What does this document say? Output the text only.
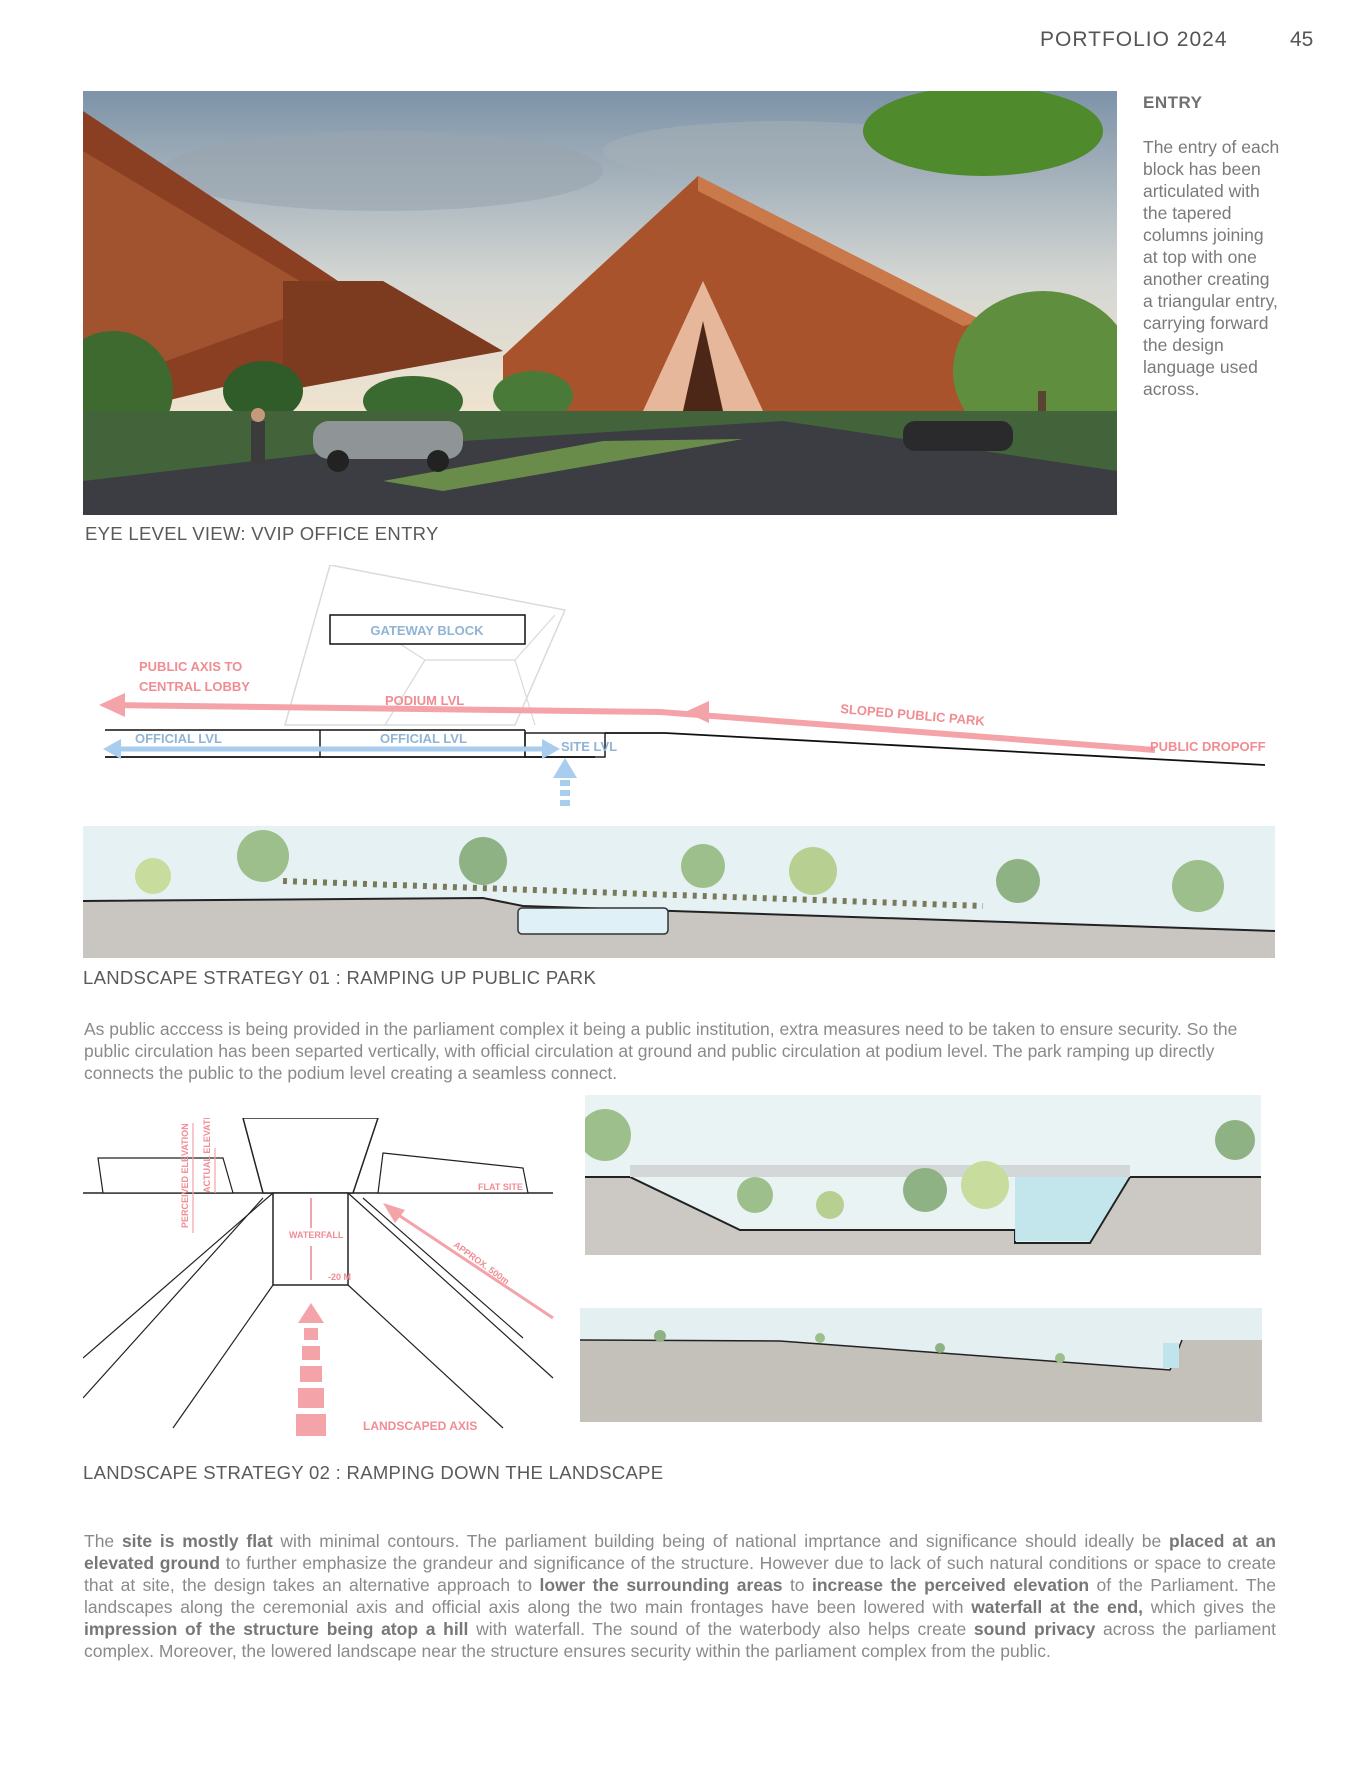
PORTFOLIO 2024	45
ENTRY
The entry of each block has been articulated with the tapered columns joining at top with one another creating a triangular entry, carrying forward the design language used across.
EYE LEVEL VIEW: VVIP OFFICE ENTRY
GATEWAY BLOCK
PUBLIC AXIS TO
CENTRAL LOBBY
PODIUM LVL
SLOPED PUBLIC PARK
OFFICIAL LVL	OFFICIAL LVL
SITE LVL	PUBLIC DROPOFF
LANDSCAPE STRATEGY 01 : RAMPING UP PUBLIC PARK
As public acccess is being provided in the parliament complex it being a public institution, extra measures need to be taken to ensure security. So the public circulation has been separted vertically, with official circulation at ground and public circulation at podium level. The park ramping up directly connects the public to the podium level creating a seamless connect.
PERCEIVED ELEVATION ACTUAL ELEVATION	FLAT SITE
WATERFALL
-20 M	APPROX. 500m
LANDSCAPED AXIS
LANDSCAPE STRATEGY 02 : RAMPING DOWN THE LANDSCAPE
The site is mostly flat with minimal contours. The parliament building being of national imprtance and significance should ideally be placed at an elevated ground to further emphasize the grandeur and significance of the structure. However due to lack of such natural conditions or space to create that at site, the design takes an alternative approach to lower the surrounding areas to increase the perceived elevation of the Parliament. The landscapes along the ceremonial axis and official axis along the two main frontages have been lowered with waterfall at the end, which gives the impression of the structure being atop a hill with waterfall. The sound of the waterbody also helps create sound privacy across the parliament complex. Moreover, the lowered landscape near the structure ensures security within the parliament complex from the public.
